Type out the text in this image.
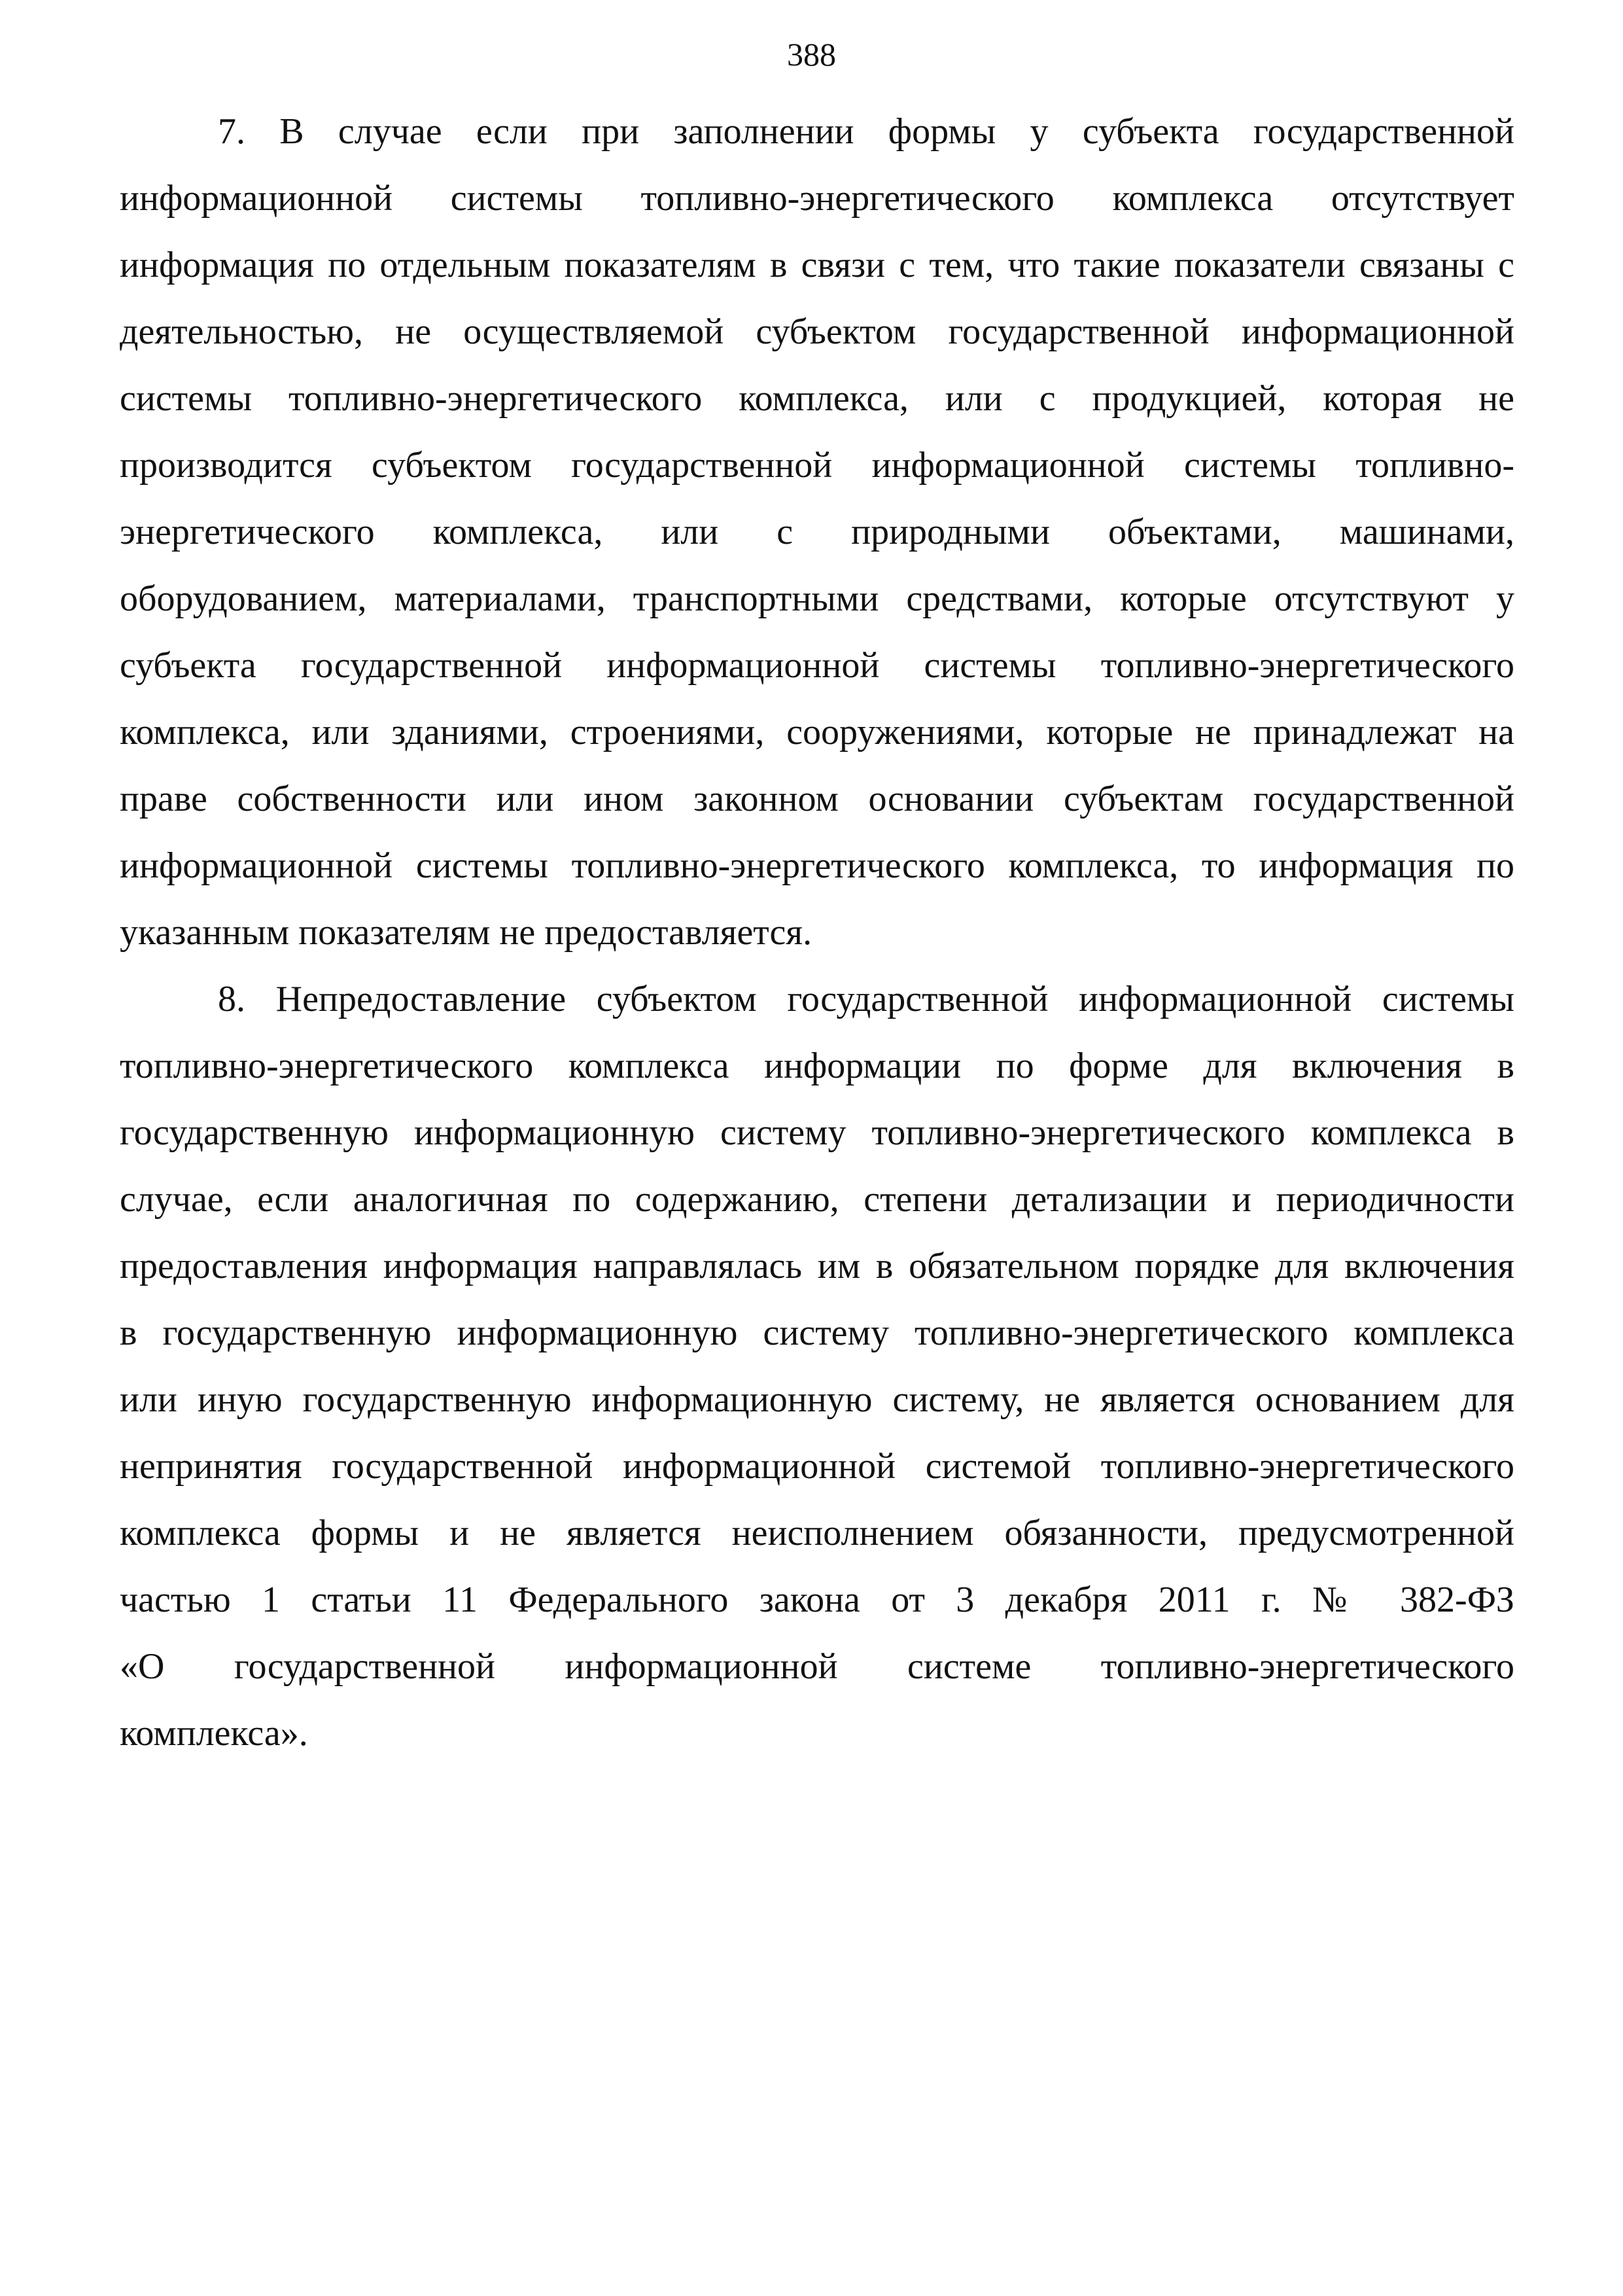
388
7. В случае если при заполнении формы у субъекта государственной
информационной системы топливно-энергетического комплекса отсутствует
информация по отдельным показателям в связи с тем, что такие показатели связаны с
деятельностью, не осуществляемой субъектом государственной информационной
системы топливно-энергетического комплекса, или с продукцией, которая не
производится субъектом государственной информационной системы топливно-
энергетического комплекса, или с природными объектами, машинами,
оборудованием, материалами, транспортными средствами, которые отсутствуют у
субъекта государственной информационной системы топливно-энергетического
комплекса, или зданиями, строениями, сооружениями, которые не принадлежат на
праве собственности или ином законном основании субъектам государственной
информационной системы топливно-энергетического комплекса, то информация по
указанным показателям не предоставляется.
8. Непредоставление субъектом государственной информационной системы
топливно-энергетического комплекса информации по форме для включения в
государственную информационную систему топливно-энергетического комплекса в
случае, если аналогичная по содержанию, степени детализации и периодичности
предоставления информация направлялась им в обязательном порядке для включения
в государственную информационную систему топливно-энергетического комплекса
или иную государственную информационную систему, не является основанием для
непринятия государственной информационной системой топливно-энергетического
комплекса формы и не является неисполнением обязанности, предусмотренной
частью 1 статьи 11 Федерального закона от 3 декабря 2011 г. № 382-ФЗ
«О государственной информационной системе топливно-энергетического
комплекса».
